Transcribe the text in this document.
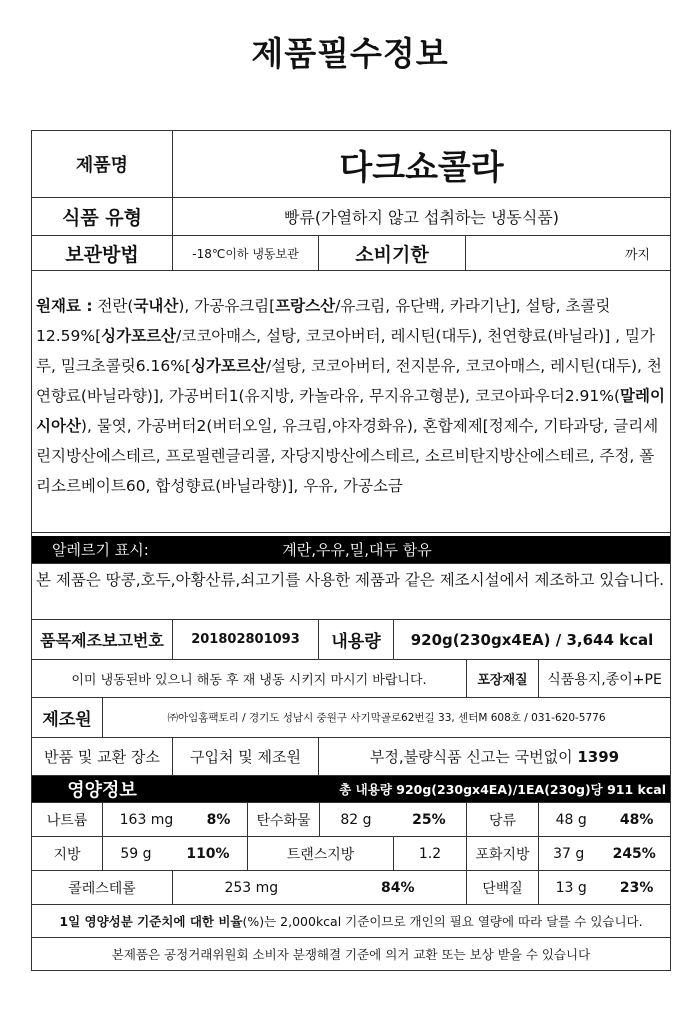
제품필수정보
제품명	다크쇼콜라
식품 유형	빵류(가열하지 않고 섭취하는 냉동식품)
보관방법	-18℃이하 냉동보관	소비기한	까지
원재료 : 전란(국내산), 가공유크림[프랑스산/유크림, 유단백, 카라기난], 설탕, 초콜릿12.59%[싱가포르산/코코아매스, 설탕, 코코아버터, 레시틴(대두), 천연향료(바닐라)] , 밀가루, 밀크초콜릿6.16%[싱가포르산/설탕, 코코아버터, 전지분유, 코코아매스, 레시틴(대두), 천연향료(바닐라향)], 가공버터1(유지방, 카놀라유, 무지유고형분), 코코아파우더2.91%(말레이시아산), 물엿, 가공버터2(버터오일, 유크림,야자경화유), 혼합제제[정제수, 기타과당, 글리세린지방산에스테르, 프로필렌글리콜, 자당지방산에스테르, 소르비탄지방산에스테르, 주정, 폴리소르베이트60, 합성향료(바닐라향)], 우유, 가공소금
알레르기 표시:	계란,우유,밀,대두 함유
본 제품은 땅콩,호두,아황산류,쇠고기를 사용한 제품과 같은 제조시설에서 제조하고 있습니다.
품목제조보고번호	201802801093	내용량	920g(230gx4EA) / 3,644 kcal
이미 냉동된바 있으니 해동 후 재 냉동 시키지 마시기 바랍니다.	포장재질	식품용지,종이+PE
제조원	㈜아임홈팩토리 / 경기도 성남시 중원구 사기막골로62번길 33, 센터M 608호 / 031-620-5776
반품 및 교환 장소	구입처 및 제조원	부정,불량식품 신고는 국번없이
1399
영양정보	총 내용량 920g(230gx4EA)/1EA(230g)당 911 kcal
나트륨	163 mg 8%	탄수화물	82 g	25%	당류	48 g 48%
지방	59 g 110%	트랜스지방	1.2	포화지방	37 g 245%
콜레스테롤	253 mg	84%	단백질	13 g 23%
1일 영양성분 기준치에 대한 비율 (%)는 2,000kcal 기준이므로 개인의 필요 열량에 따라 달를 수 있습니다.
본제품은 공정거래위원회 소비자 분쟁해결 기준에 의거 교환 또는 보상 받을 수 있습니다
